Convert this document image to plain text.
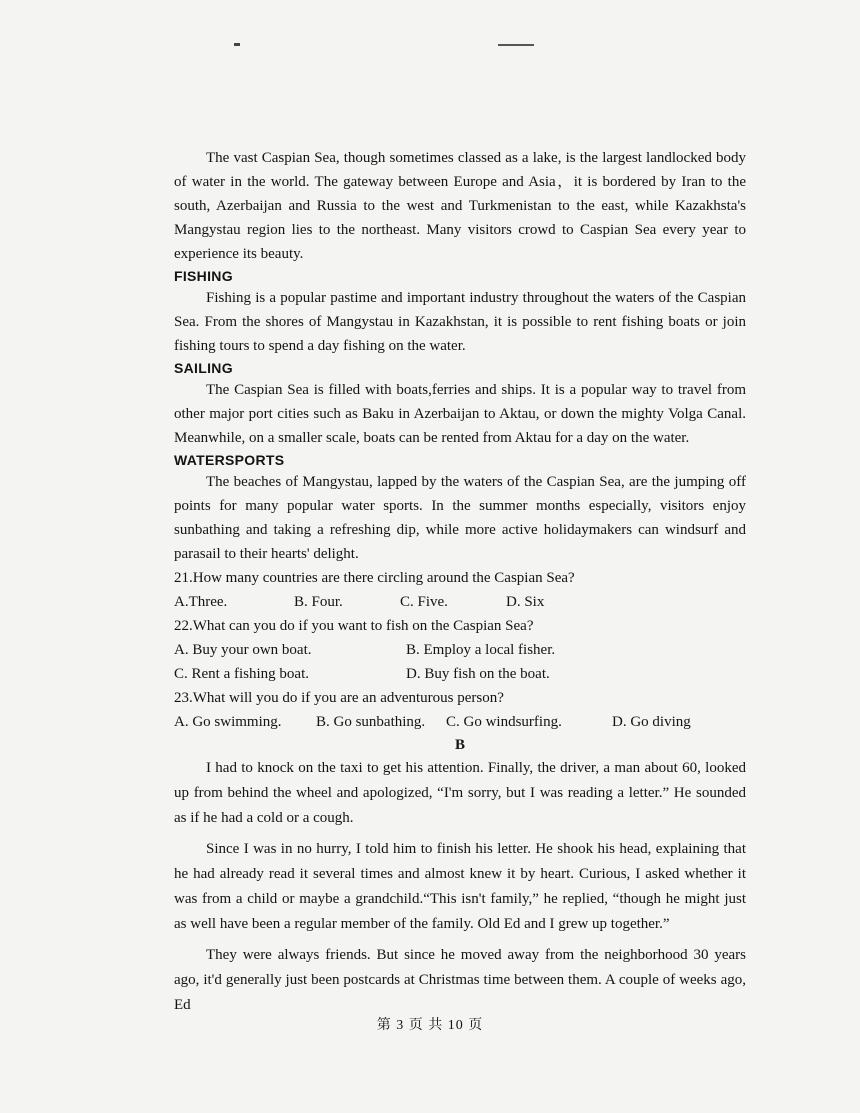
The vast Caspian Sea, though sometimes classed as a lake, is the largest landlocked body of water in the world. The gateway between Europe and Asia，it is bordered by Iran to the south, Azerbaijan and Russia to the west and Turkmenistan to the east, while Kazakhsta's Mangystau region lies to the northeast. Many visitors crowd to Caspian Sea every year to experience its beauty.

FISHING

Fishing is a popular pastime and important industry throughout the waters of the Caspian Sea. From the shores of Mangystau in Kazakhstan, it is possible to rent fishing boats or join fishing tours to spend a day fishing on the water.

SAILING

The Caspian Sea is filled with boats,ferries and ships. It is a popular way to travel from other major port cities such as Baku in Azerbaijan to Aktau, or down the mighty Volga Canal. Meanwhile, on a smaller scale, boats can be rented from Aktau for a day on the water.

WATERSPORTS

The beaches of Mangystau, lapped by the waters of the Caspian Sea, are the jumping off points for many popular water sports. In the summer months especially, visitors enjoy sunbathing and taking a refreshing dip, while more active holidaymakers can windsurf and parasail to their hearts' delight.

21.How many countries are there circling around the Caspian Sea?

A.Three.	B. Four.	C. Five.	D. Six

22.What can you do if you want to fish on the Caspian Sea?

A. Buy your own boat.	B. Employ a local fisher.
C. Rent a fishing boat.	D. Buy fish on the boat.

23.What will you do if you are an adventurous person?

A. Go swimming.	B. Go sunbathing.	C. Go windsurfing.	D. Go diving

B

I had to knock on the taxi to get his attention. Finally, the driver, a man about 60, looked up from behind the wheel and apologized, “I'm sorry, but I was reading a letter.” He sounded as if he had a cold or a cough.

Since I was in no hurry, I told him to finish his letter. He shook his head, explaining that he had already read it several times and almost knew it by heart. Curious, I asked whether it was from a child or maybe a grandchild.“This isn't family,” he replied, “though he might just as well have been a regular member of the family. Old Ed and I grew up together.”

They were always friends. But since he moved away from the neighborhood 30 years ago, it'd generally just been postcards at Christmas time between them. A couple of weeks ago, Ed

第 3 页 共 10 页
